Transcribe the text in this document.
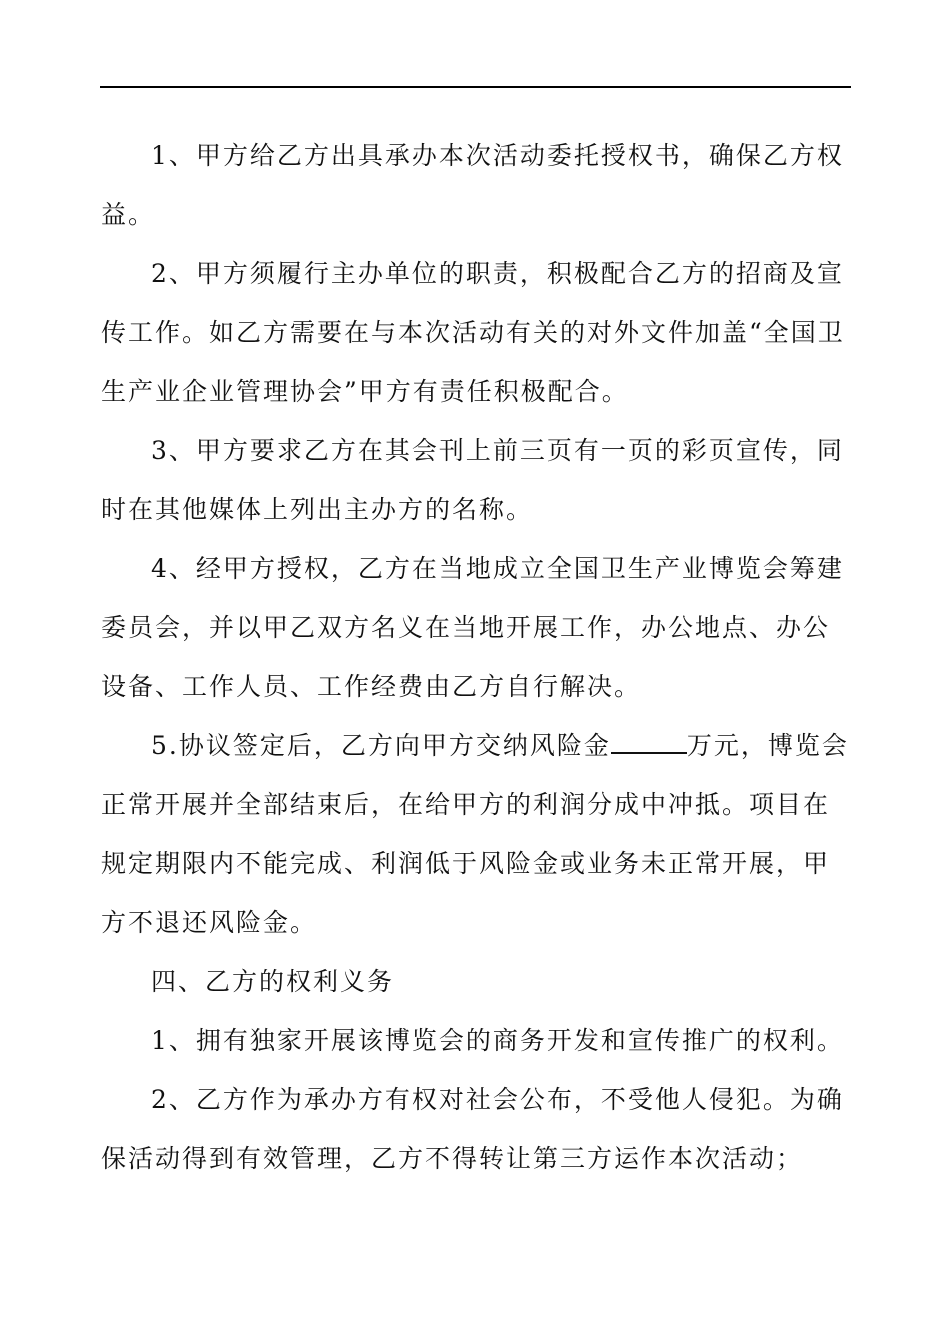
1、甲方给乙方出具承办本次活动委托授权书，确保乙方权益。

2、甲方须履行主办单位的职责，积极配合乙方的招商及宣传工作。如乙方需要在与本次活动有关的对外文件加盖“全国卫生产业企业管理协会”甲方有责任积极配合。

3、甲方要求乙方在其会刊上前三页有一页的彩页宣传，同时在其他媒体上列出主办方的名称。

4、经甲方授权，乙方在当地成立全国卫生产业博览会筹建委员会，并以甲乙双方名义在当地开展工作，办公地点、办公设备、工作人员、工作经费由乙方自行解决。

5.协议签定后，乙方向甲方交纳风险金	万元，博览会正常开展并全部结束后，在给甲方的利润分成中冲抵。项目在规定期限内不能完成、利润低于风险金或业务未正常开展，甲方不退还风险金。

四、乙方的权利义务

1、拥有独家开展该博览会的商务开发和宣传推广的权利。

2、乙方作为承办方有权对社会公布，不受他人侵犯。为确保活动得到有效管理，乙方不得转让第三方运作本次活动；
